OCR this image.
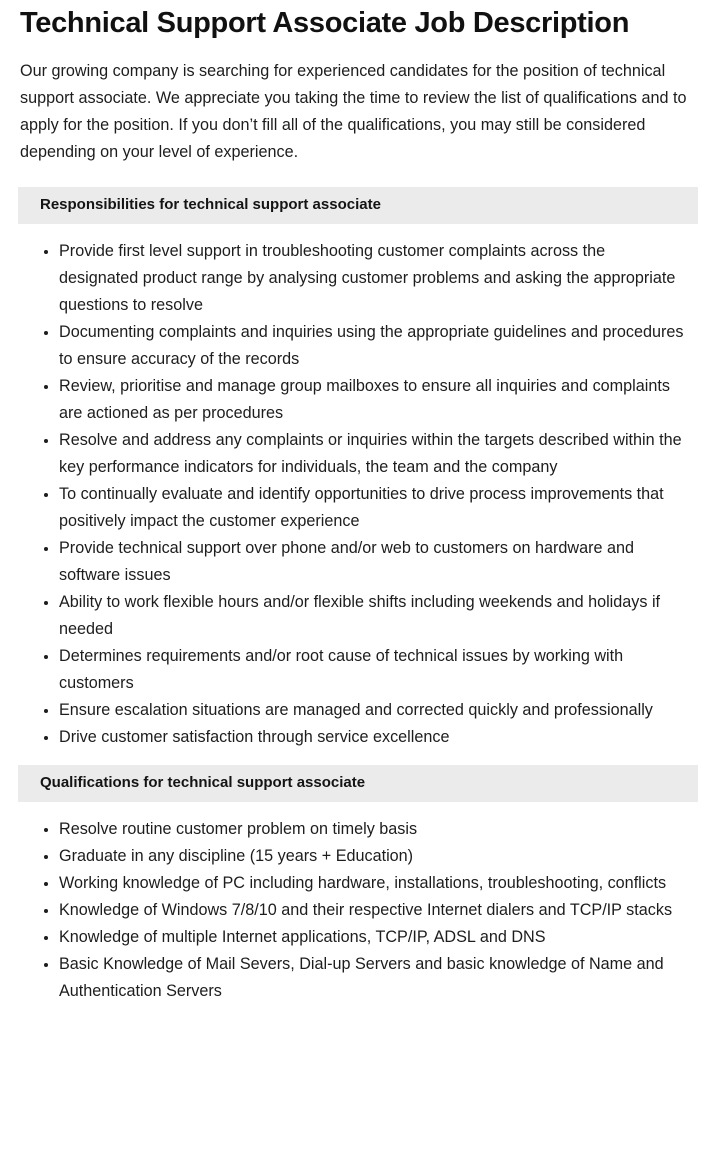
Technical Support Associate Job Description

Our growing company is searching for experienced candidates for the position of technical support associate. We appreciate you taking the time to review the list of qualifications and to apply for the position. If you don’t fill all of the qualifications, you may still be considered depending on your level of experience.

Responsibilities for technical support associate
Provide first level support in troubleshooting customer complaints across the designated product range by analysing customer problems and asking the appropriate questions to resolve
Documenting complaints and inquiries using the appropriate guidelines and procedures to ensure accuracy of the records
Review, prioritise and manage group mailboxes to ensure all inquiries and complaints are actioned as per procedures
Resolve and address any complaints or inquiries within the targets described within the key performance indicators for individuals, the team and the company
To continually evaluate and identify opportunities to drive process improvements that positively impact the customer experience
Provide technical support over phone and/or web to customers on hardware and software issues
Ability to work flexible hours and/or flexible shifts including weekends and holidays if needed
Determines requirements and/or root cause of technical issues by working with customers
Ensure escalation situations are managed and corrected quickly and professionally
Drive customer satisfaction through service excellence
Qualifications for technical support associate
Resolve routine customer problem on timely basis
Graduate in any discipline (15 years + Education)
Working knowledge of PC including hardware, installations, troubleshooting, conflicts
Knowledge of Windows 7/8/10 and their respective Internet dialers and TCP/IP stacks
Knowledge of multiple Internet applications, TCP/IP, ADSL and DNS
Basic Knowledge of Mail Severs, Dial-up Servers and basic knowledge of Name and Authentication Servers
